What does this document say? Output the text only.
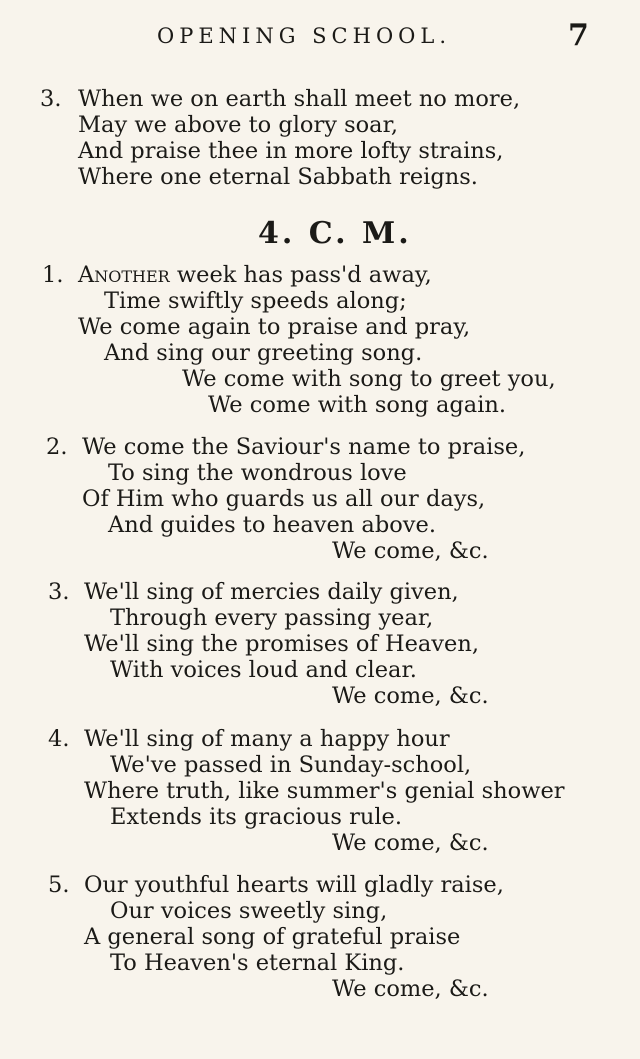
OPENING SCHOOL.	7
3. When we on earth shall meet no more,
May we above to glory soar,
And praise thee in more lofty strains,
Where one eternal Sabbath reigns.
4. C. M.
1. Another week has pass'd away,
Time swiftly speeds along;
We come again to praise and pray,
And sing our greeting song.
We come with song to greet you,
We come with song again.
2. We come the Saviour's name to praise,
To sing the wondrous love
Of Him who guards us all our days,
And guides to heaven above.
We come, &c.
3. We'll sing of mercies daily given,
Through every passing year,
We'll sing the promises of Heaven,
With voices loud and clear.
We come, &c.
4. We'll sing of many a happy hour
We've passed in Sunday-school,
Where truth, like summer's genial shower
Extends its gracious rule.
We come, &c.
5. Our youthful hearts will gladly raise,
Our voices sweetly sing,
A general song of grateful praise
To Heaven's eternal King.
We come, &c.
